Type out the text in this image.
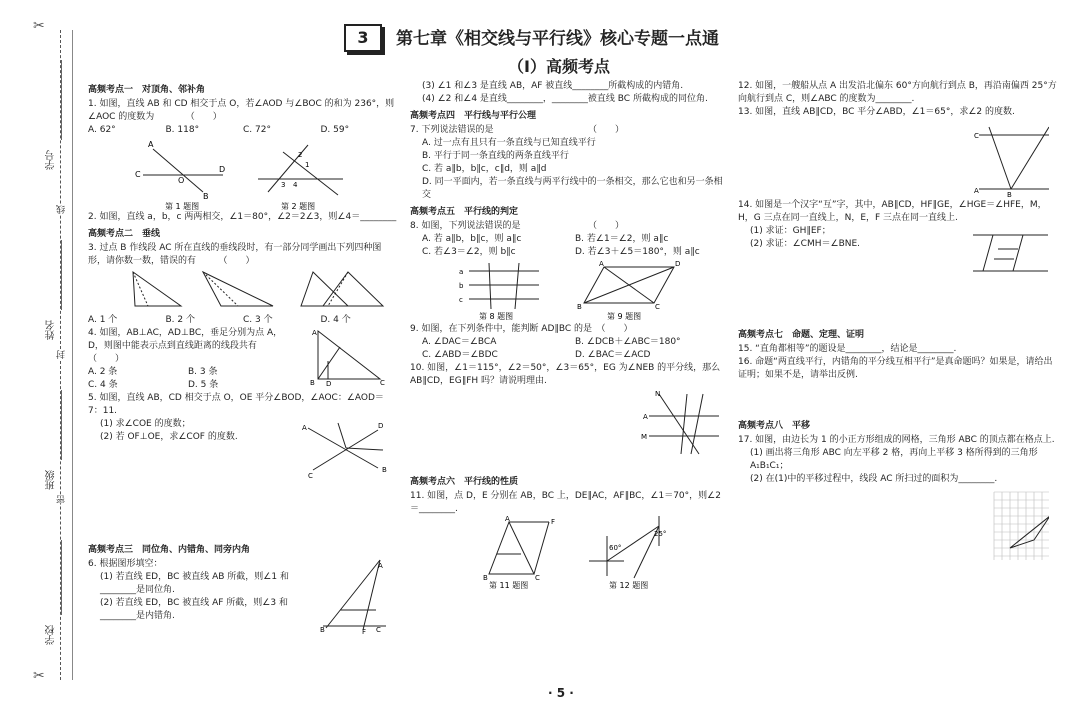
✂
✂
学号
姓名
班级
学校
线
封
密
3	第七章《相交线与平行线》核心专题一点通
（Ⅰ）高频考点
高频考点一　对顶角、邻补角

1. 如图，直线 AB 和 CD 相交于点 O，若∠AOD 与∠BOC 的和为 236°，则∠AOC 的度数为　　　　（　　）

A. 62°	B. 118°	C. 72°	D. 59°
A
B
C
D
O
2
1
3 4
第 1 题图	第 2 题图

2. 如图，直线 a，b，c 两两相交，∠1＝80°，∠2＝2∠3，则∠4＝________

高频考点二　垂线

3. 过点 B 作线段 AC 所在直线的垂线段时，有一部分同学画出下列四种图形，请你数一数，错误的有　　　（　　）

A. 1 个	B. 2 个	C. 3 个	D. 4 个

4. 如图，AB⊥AC，AD⊥BC，垂足分别为点 A，D，则图中能表示点到直线距离的线段共有　　　　　（　　）

A. 2 条	B. 3 条
C. 4 条	D. 5 条
A
B D	C

5. 如图，直线 AB，CD 相交于点 O，OE 平分∠BOD，∠AOC：∠AOD＝7：11.

(1) 求∠COE 的度数；

(2) 若 OF⊥OE，求∠COF 的度数.

A	D
B
C
高频考点三　同位角、内错角、同旁内角

6. 根据图形填空：

(1) 若直线 ED，BC 被直线 AB 所截，则∠1 和________是同位角.

(2) 若直线 ED，BC 被直线 AF 所截，则∠3 和________是内错角.

A
B	F C

(3) ∠1 和∠3 是直线 AB，AF 被直线________所截构成的内错角.

(4) ∠2 和∠4 是直线________，________被直线 BC 所截构成的同位角.

高频考点四　平行线与平行公理

7. 下列说法错误的是　　　　　　　　　　　（　　）

A. 过一点有且只有一条直线与已知直线平行

B. 平行于同一条直线的两条直线平行

C. 若 a∥b，b∥c，c∥d，则 a∥d

D. 同一平面内，若一条直线与两平行线中的一条相交，那么它也和另一条相交

高频考点五　平行线的判定

8. 如图，下列说法错误的是　　　　　　　　（　　）

A. 若 a∥b，b∥c，则 a∥c	B. 若∠1＝∠2，则 a∥c
C. 若∠3＝∠2，则 b∥c	D. 若∠3＋∠5＝180°，则 a∥c
a
b
c
A	D
B	C
第 8 题图	第 9 题图

9. 如图，在下列条件中，能判断 AD∥BC 的是　（　　）

A. ∠DAC＝∠BCA	B. ∠DCB＋∠ABC＝180°
C. ∠ABD＝∠BDC	D. ∠BAC＝∠ACD

10. 如图，∠1＝115°，∠2＝50°，∠3＝65°，EG 为∠NEB 的平分线，那么 AB∥CD，EG∥FH 吗？请说明理由.

A
M
N
高频考点六　平行线的性质

11. 如图，点 D，E 分别在 AB，BC 上，DE∥AC，AF∥BC，∠1＝70°，则∠2＝________.

A	F
B	C
60°
25°
第 11 题图	第 12 题图

12. 如图，一艘船从点 A 出发沿北偏东 60°方向航行到点 B，再沿南偏西 25°方向航行到点 C，则∠ABC 的度数为________.

13. 如图，直线 AB∥CD，BC 平分∠ABD，∠1＝65°，求∠2 的度数.

C
A	B

14. 如图是一个汉字“互”字，其中，AB∥CD，HF∥GE，∠HGE＝∠HFE，M，H，G 三点在同一直线上，N，E，F 三点在同一直线上.

(1) 求证：GH∥EF；

(2) 求证：∠CMH＝∠BNE.

高频考点七　命题、定理、证明

15. “直角都相等”的题设是________，结论是________.

16. 命题“两直线平行，内错角的平分线互相平行”是真命题吗？如果是，请给出证明；如果不是，请举出反例.

高频考点八　平移

17. 如图，由边长为 1 的小正方形组成的网格，三角形 ABC 的顶点都在格点上.

(1) 画出将三角形 ABC 向左平移 2 格，再向上平移 3 格所得到的三角形 A₁B₁C₁；

(2) 在(1)中的平移过程中，线段 AC 所扫过的面积为________.

· 5 ·
